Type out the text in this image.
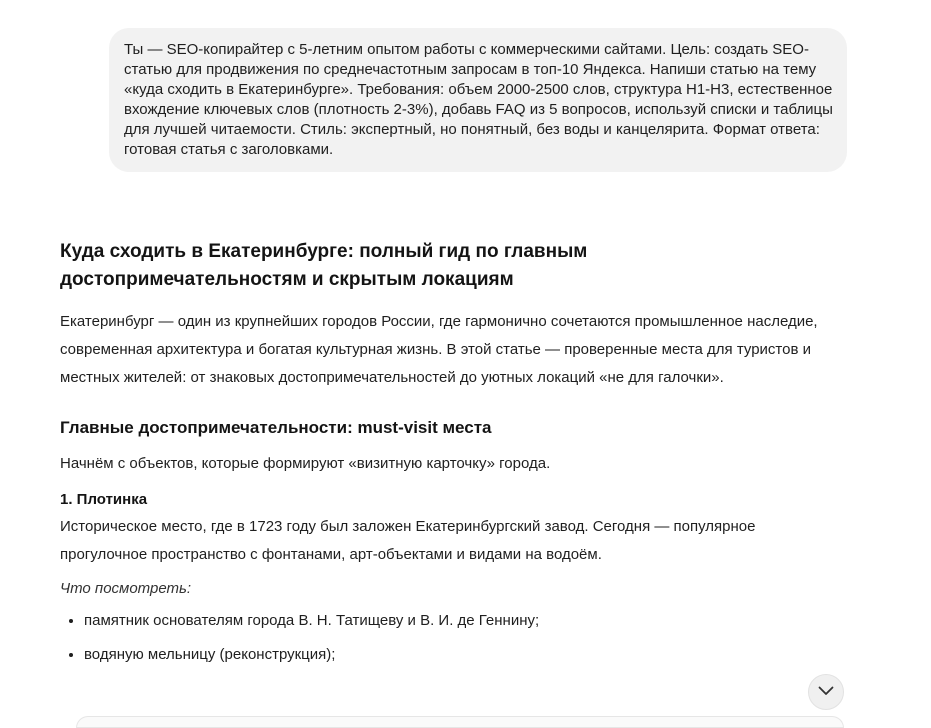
Ты — SEO-копирайтер с 5-летним опытом работы с коммерческими сайтами. Цель: создать SEO-статью для продвижения по среднечастотным запросам в топ-10 Яндекса. Напиши статью на тему «куда сходить в Екатеринбурге». Требования: объем 2000-2500 слов, структура H1-H3, естественное вхождение ключевых слов (плотность 2-3%), добавь FAQ из 5 вопросов, используй списки и таблицы для лучшей читаемости. Стиль: экспертный, но понятный, без воды и канцелярита. Формат ответа: готовая статья с заголовками.
Куда сходить в Екатеринбурге: полный гид по главным достопримечательностям и скрытым локациям

Екатеринбург — один из крупнейших городов России, где гармонично сочетаются промышленное наследие, современная архитектура и богатая культурная жизнь. В этой статье — проверенные места для туристов и местных жителей: от знаковых достопримечательностей до уютных локаций «не для галочки».

Главные достопримечательности: must-visit места

Начнём с объектов, которые формируют «визитную карточку» города.

1. Плотинка

Историческое место, где в 1723 году был заложен Екатеринбургский завод. Сегодня — популярное прогулочное пространство с фонтанами, арт-объектами и видами на водоём.

Что посмотреть:
• памятник основателям города В. Н. Татищеву и В. И. де Геннину;
• водяную мельницу (реконструкция);
